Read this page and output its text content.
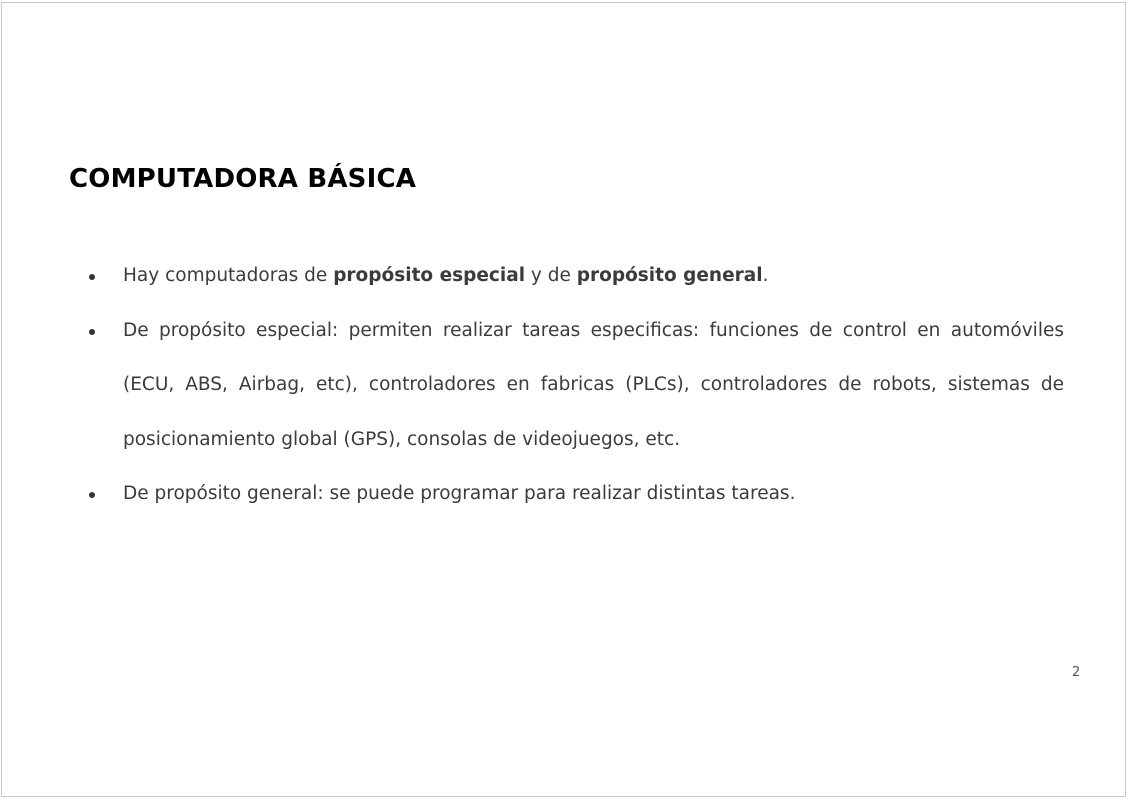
COMPUTADORA BÁSICA
Hay computadoras de propósito especial y de propósito general.
De propósito especial: permiten realizar tareas especificas: funciones de control en automóviles (ECU, ABS, Airbag, etc), controladores en fabricas (PLCs), controladores de robots, sistemas de posicionamiento global (GPS), consolas de videojuegos, etc.
De propósito general: se puede programar para realizar distintas tareas.
2
